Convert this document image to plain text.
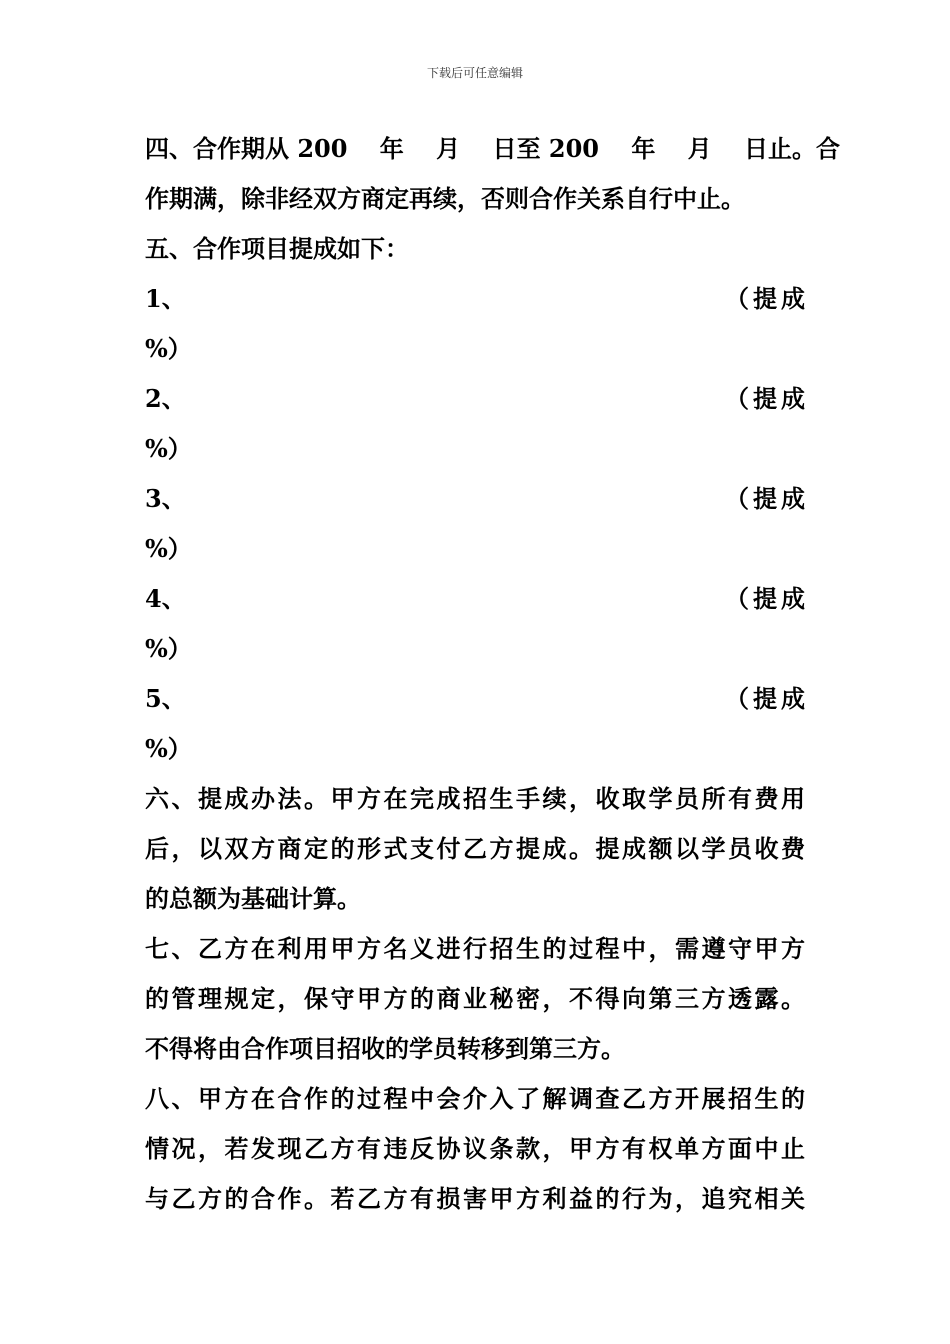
下载后可任意编辑
四、合作期从 200　 年　 月　 日至 200　 年　 月　 日止。合
作期满，除非经双方商定再续，否则合作关系自行中止。
五、合作项目提成如下：
1、	（提成
%）
2、	（提成
%）
3、	（提成
%）
4、	（提成
%）
5、	（提成
%）
六、提成办法。甲方在完成招生手续，收取学员所有费用
后，以双方商定的形式支付乙方提成。提成额以学员收费
的总额为基础计算。
七、乙方在利用甲方名义进行招生的过程中，需遵守甲方
的管理规定，保守甲方的商业秘密，不得向第三方透露。
不得将由合作项目招收的学员转移到第三方。
八、甲方在合作的过程中会介入了解调查乙方开展招生的
情况，若发现乙方有违反协议条款，甲方有权单方面中止
与乙方的合作。若乙方有损害甲方利益的行为，追究相关
